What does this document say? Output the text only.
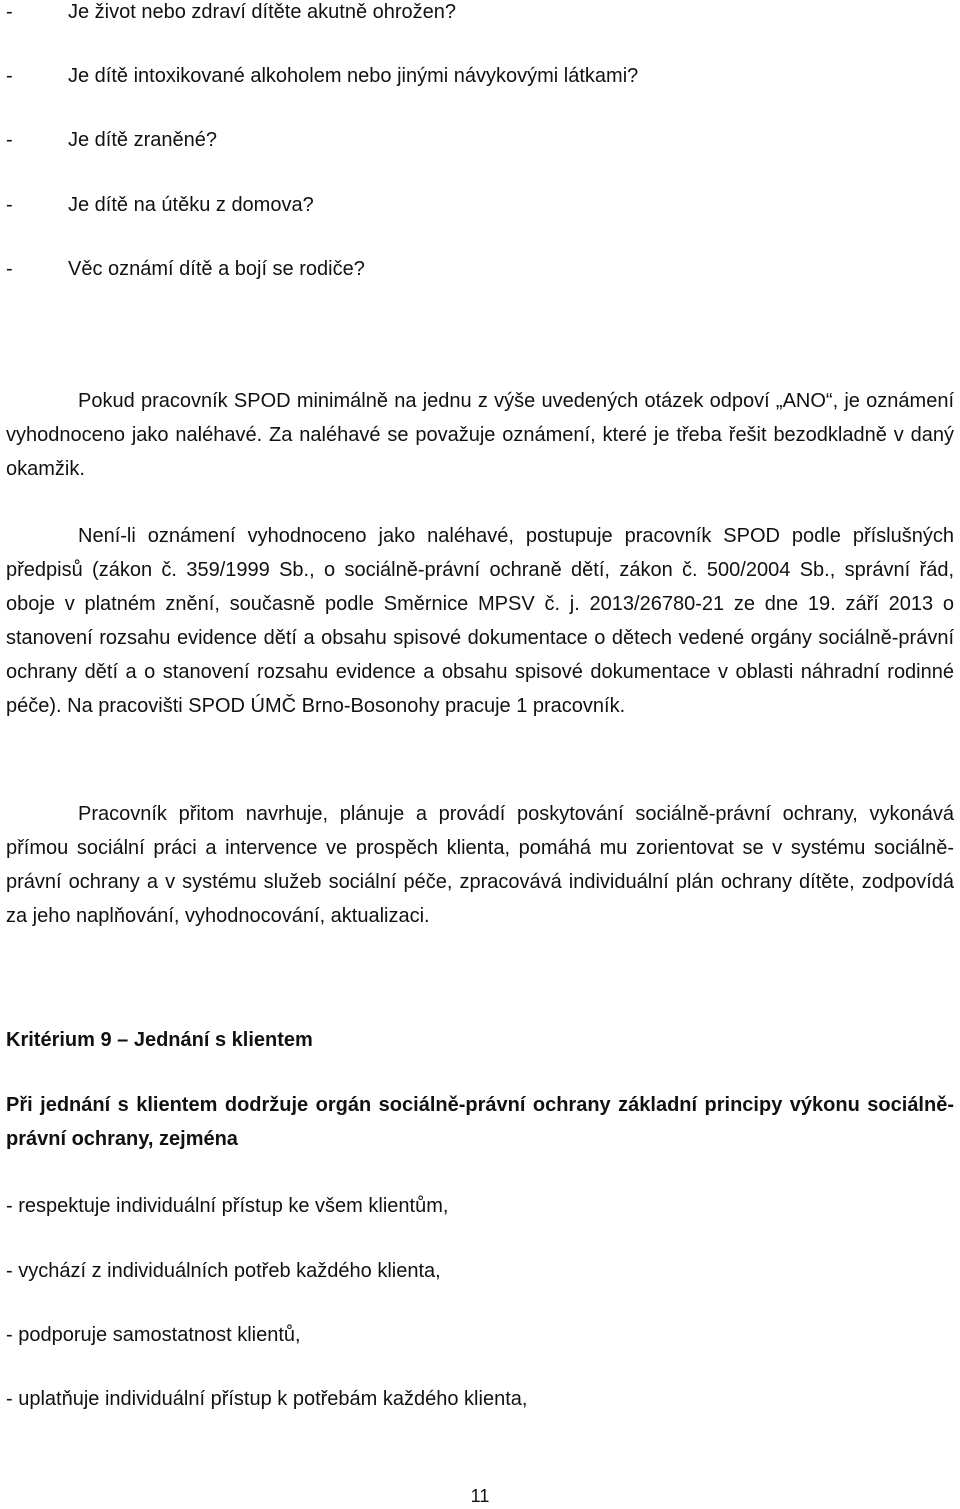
-	Je život nebo zdraví dítěte akutně ohrožen?
-	Je dítě intoxikované alkoholem nebo jinými návykovými látkami?
-	Je dítě zraněné?
-	Je dítě na útěku z domova?
-	Věc oznámí dítě a bojí se rodiče?

Pokud pracovník SPOD minimálně na jednu z výše uvedených otázek odpoví „ANO“, je oznámení vyhodnoceno jako naléhavé. Za naléhavé se považuje oznámení, které je třeba řešit bezodkladně v daný okamžik.

Není-li oznámení vyhodnoceno jako naléhavé, postupuje pracovník SPOD podle příslušných předpisů (zákon č. 359/1999 Sb., o sociálně-právní ochraně dětí, zákon č. 500/2004 Sb., správní řád, oboje v platném znění, současně podle Směrnice MPSV č. j. 2013/26780-21 ze dne 19. září 2013 o stanovení rozsahu evidence dětí a obsahu spisové dokumentace o dětech vedené orgány sociálně-právní ochrany dětí a o stanovení rozsahu evidence a obsahu spisové dokumentace v oblasti náhradní rodinné péče). Na pracovišti SPOD ÚMČ Brno-Bosonohy pracuje 1 pracovník.

Pracovník přitom navrhuje, plánuje a provádí poskytování sociálně-právní ochrany, vykonává přímou sociální práci a intervence ve prospěch klienta, pomáhá mu zorientovat se v systému sociálně-právní ochrany a v systému služeb sociální péče, zpracovává individuální plán ochrany dítěte, zodpovídá za jeho naplňování, vyhodnocování, aktualizaci.

Kritérium 9 – Jednání s klientem
Při jednání s klientem dodržuje orgán sociálně-právní ochrany základní principy výkonu sociálně-právní ochrany, zejména
- respektuje individuální přístup ke všem klientům,
- vychází z individuálních potřeb každého klienta,
- podporuje samostatnost klientů,
- uplatňuje individuální přístup k potřebám každého klienta,
11
